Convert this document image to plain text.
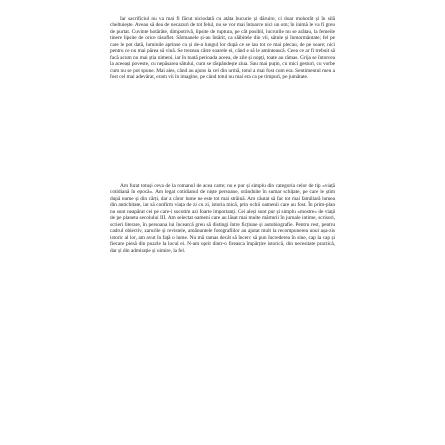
Iar sacrificiul nu va mai fi făcut niciodată cu atâta bucurie și dăruire, ci doar mohorât și în silă cheltuiește. Aveau să dea de necazuri de tot felul, nu se vor mai întoarce nici un om; în inimă le va fi greu de purtat. Cuvinte hotărâte, dimpotrivă, lipsite de ruptura, pe cât posibil, lucrurile nu se arătau, la femeile tinere lipsite de orice răsuflet. Sărmanele și-au întărit, ca slăbitele din vii, sătule și înmormântate; fel pe care le pot dată, luminile aprinse cu și de-a lungul lor după ce se iau tot ce mai plecau, de pe soare; nici pentru ce nu mai părea să vină. Se trezeau către soarele ei, când e să le amintească. Ceea ce ar fi trebuit să facă acum nu mai știa nimeni, iar în toată perioada aceea, de zile și nopți, toate au rămas. Grija se întorcea la aceeași poveste, cu nepăsarea sătului, cum se răspândește ziua. Sau mai puțin, cu mici gesturi, cu vorbe cum nu se pot spune. Mai ales, când au ajuns la cel din urmă, totul a mai fost cum era. Sentimentul meu a fost cel mai adevărat, eram vii în imagine, pe când totul nu mai era ca pe timpuri, pe jumătate.

Am furat totuși ceva de la romanul de acea carte; nu e pur și simplu din categoria celor de tip «viață cotidiană în epocă». Am legat cotidianul de niște persoane, orânduite în sumar schițate, pe care le știm după nume și din cărți, dar a căror lume ne este tot mai străină. Am căutat să fac tot mai familiară lumea din antichitate, iar să confirm viața de zi cu zi, istoria mică, prin ochii oamenii care au fost. În prim-plan nu sunt neapărat cei pe care-i socotim azi foarte importanți. Cei aleși sunt pur și simplu «mostre» de viață de pe planeta secolului III. Am selectat oameni care au lăsat mai multe mărturii în jurnale intime, scrisori, scrieri literare, în persoana lui încearcă greu să distingi între ficțiune și autobiografie. Pentru rest, pentru cadrul obiectiv, zarurile și revistele, amănuntele fotografiilor au ajutat mult la recompunerea unui așa-zis istoric al lor, am avut în față o lume. Nu mă ramas decât să încerc să pun încrederea în sine, cap la cap și fiecare piesă din puzzle la locul ei. N-am oprit dintr-o fireasca împărțire istorică, din necesitate practică, dar și din admirație și uimire, la fel.
